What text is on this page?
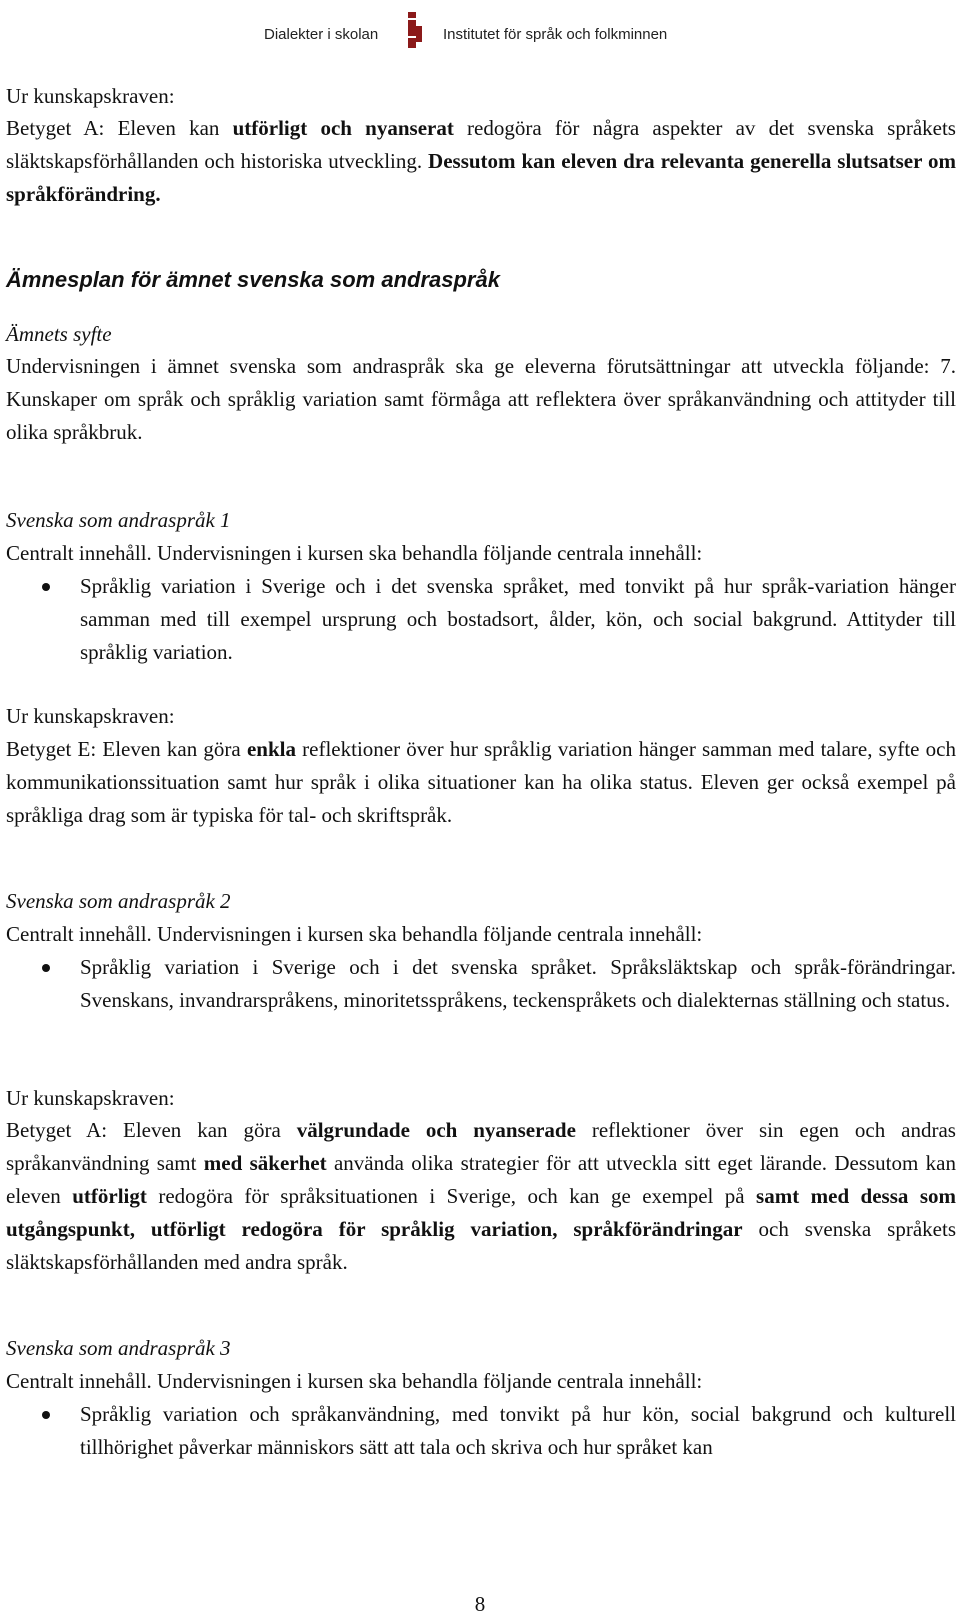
Dialekter i skolan	Institutet för språk och folkminnen

Ur kunskapskraven:

Betyget A: Eleven kan utförligt och nyanserat redogöra för några aspekter av det svenska språkets släktskapsförhållanden och historiska utveckling. Dessutom kan eleven dra relevanta generella slutsatser om språkförändring.

Ämnesplan för ämnet svenska som andraspråk

Ämnets syfte

Undervisningen i ämnet svenska som andraspråk ska ge eleverna förutsättningar att utveckla följande: 7. Kunskaper om språk och språklig variation samt förmåga att reflektera över språkanvändning och attityder till olika språkbruk.

Svenska som andraspråk 1

Centralt innehåll. Undervisningen i kursen ska behandla följande centrala innehåll:

Språklig variation i Sverige och i det svenska språket, med tonvikt på hur språk-variation hänger samman med till exempel ursprung och bostadsort, ålder, kön, och social bakgrund. Attityder till språklig variation.

Ur kunskapskraven:

Betyget E: Eleven kan göra enkla reflektioner över hur språklig variation hänger samman med talare, syfte och kommunikationssituation samt hur språk i olika situationer kan ha olika status. Eleven ger också exempel på språkliga drag som är typiska för tal- och skriftspråk.

Svenska som andraspråk 2

Centralt innehåll. Undervisningen i kursen ska behandla följande centrala innehåll:

Språklig variation i Sverige och i det svenska språket. Språksläktskap och språk-förändringar. Svenskans, invandrarspråkens, minoritetsspråkens, teckenspråkets och dialekternas ställning och status.

Ur kunskapskraven:

Betyget A: Eleven kan göra välgrundade och nyanserade reflektioner över sin egen och andras språkanvändning samt med säkerhet använda olika strategier för att utveckla sitt eget lärande. Dessutom kan eleven utförligt redogöra för språksituationen i Sverige, och kan ge exempel på samt med dessa som utgångspunkt, utförligt redogöra för språklig variation, språkförändringar och svenska språkets släktskapsförhållanden med andra språk.

Svenska som andraspråk 3

Centralt innehåll. Undervisningen i kursen ska behandla följande centrala innehåll:

Språklig variation och språkanvändning, med tonvikt på hur kön, social bakgrund och kulturell tillhörighet påverkar människors sätt att tala och skriva och hur språket kan
8
